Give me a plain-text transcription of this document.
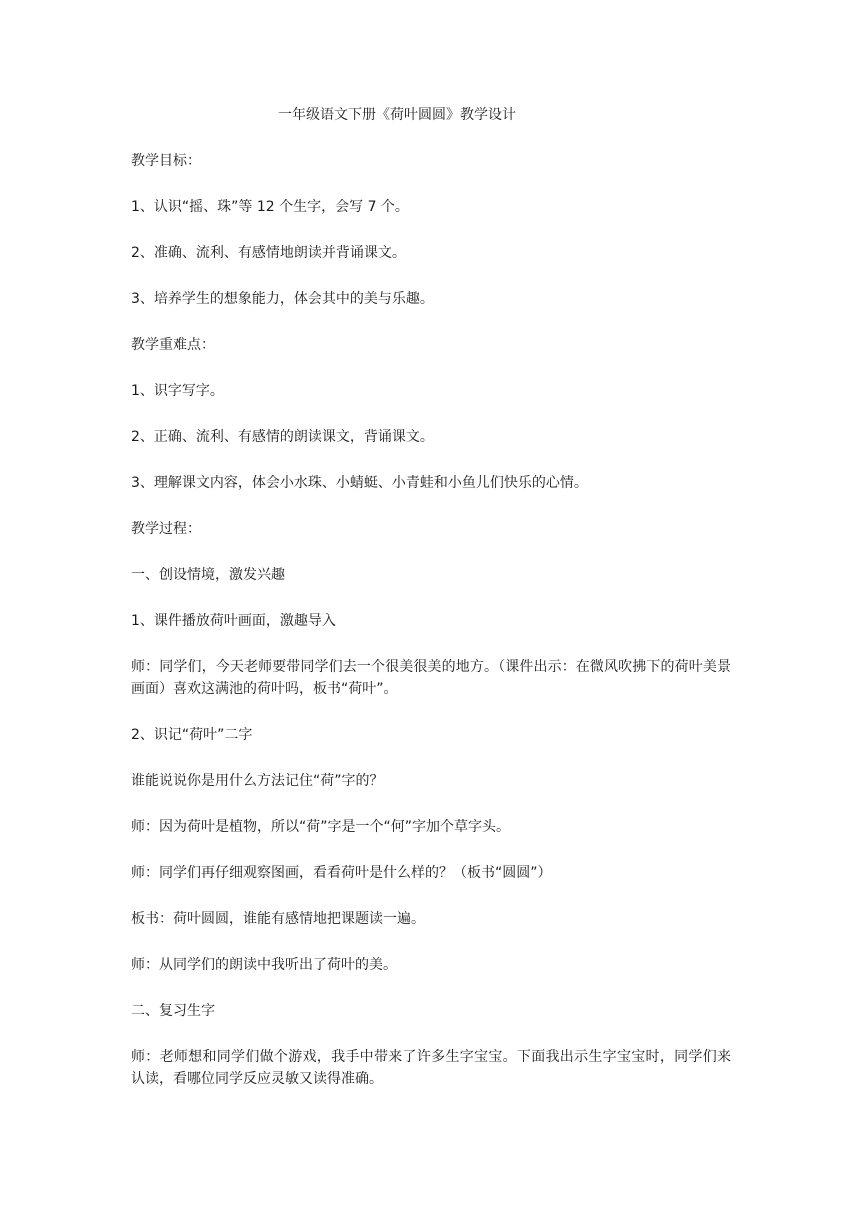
一年级语文下册《荷叶圆圆》教学设计

教学目标：

1、认识“摇、珠”等 12 个生字，会写 7 个。

2、准确、流利、有感情地朗读并背诵课文。

3、培养学生的想象能力，体会其中的美与乐趣。

教学重难点：

1、识字写字。

2、正确、流利、有感情的朗读课文，背诵课文。

3、理解课文内容，体会小水珠、小蜻蜓、小青蛙和小鱼儿们快乐的心情。

教学过程：

一、创设情境，激发兴趣

1、课件播放荷叶画面，激趣导入

师：同学们，今天老师要带同学们去一个很美很美的地方。（课件出示：在微风吹拂下的荷叶美景画面）喜欢这满池的荷叶吗，板书“荷叶”。

2、识记“荷叶”二字

谁能说说你是用什么方法记住“荷”字的？

师：因为荷叶是植物，所以“荷”字是一个“何”字加个草字头。

师：同学们再仔细观察图画，看看荷叶是什么样的？（板书“圆圆”）

板书：荷叶圆圆，谁能有感情地把课题读一遍。

师：从同学们的朗读中我听出了荷叶的美。

二、复习生字

师：老师想和同学们做个游戏，我手中带来了许多生字宝宝。下面我出示生字宝宝时，同学们来认读，看哪位同学反应灵敏又读得准确。
